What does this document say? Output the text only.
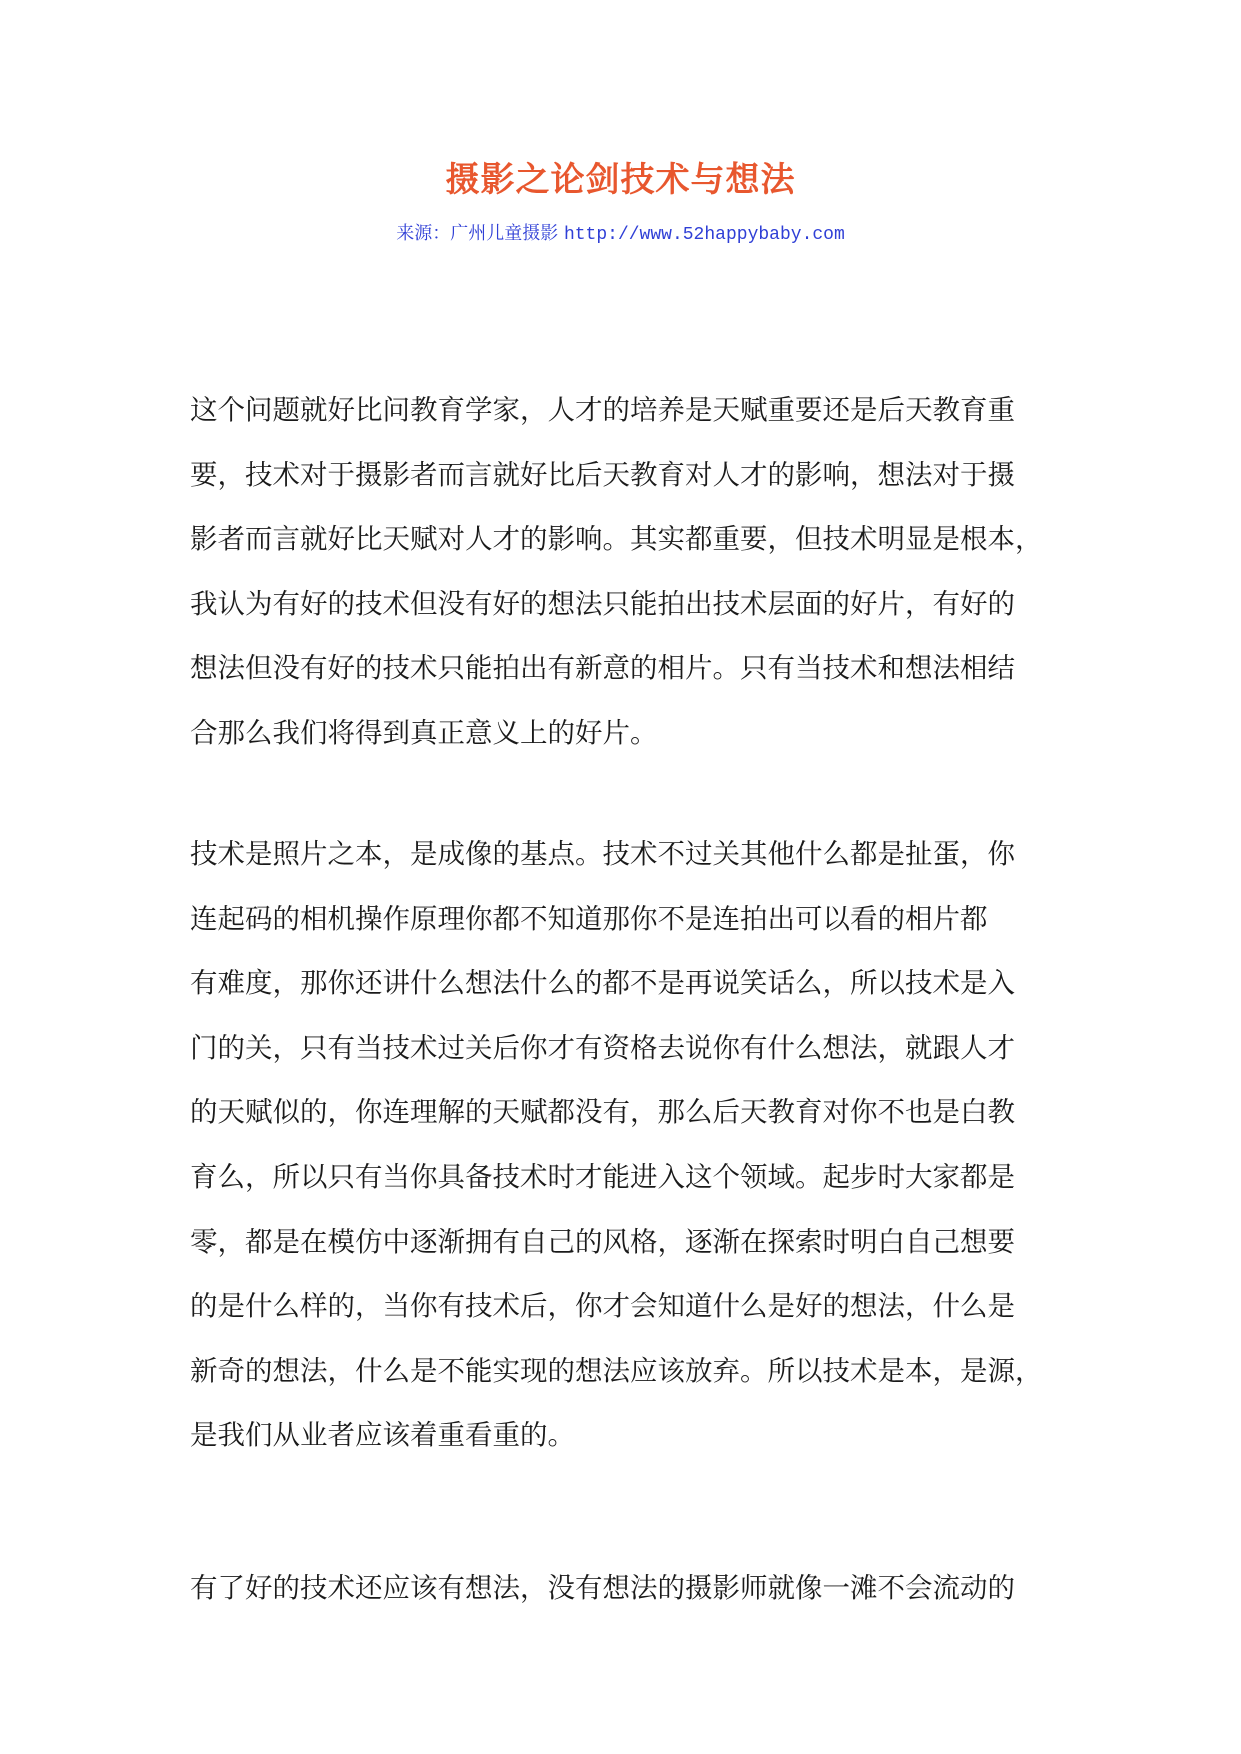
摄影之论剑技术与想法
来源：广州儿童摄影 http://www.52happybaby.com
这个问题就好比问教育学家，人才的培养是天赋重要还是后天教育重
要，技术对于摄影者而言就好比后天教育对人才的影响，想法对于摄
影者而言就好比天赋对人才的影响。其实都重要，但技术明显是根本，
我认为有好的技术但没有好的想法只能拍出技术层面的好片，有好的
想法但没有好的技术只能拍出有新意的相片。只有当技术和想法相结
合那么我们将得到真正意义上的好片。
技术是照片之本，是成像的基点。技术不过关其他什么都是扯蛋，你
连起码的相机操作原理你都不知道那你不是连拍出可以看的相片都
有难度，那你还讲什么想法什么的都不是再说笑话么，所以技术是入
门的关，只有当技术过关后你才有资格去说你有什么想法，就跟人才
的天赋似的，你连理解的天赋都没有，那么后天教育对你不也是白教
育么，所以只有当你具备技术时才能进入这个领域。起步时大家都是
零，都是在模仿中逐渐拥有自己的风格，逐渐在探索时明白自己想要
的是什么样的，当你有技术后，你才会知道什么是好的想法，什么是
新奇的想法，什么是不能实现的想法应该放弃。所以技术是本，是源，
是我们从业者应该着重看重的。
有了好的技术还应该有想法，没有想法的摄影师就像一滩不会流动的
